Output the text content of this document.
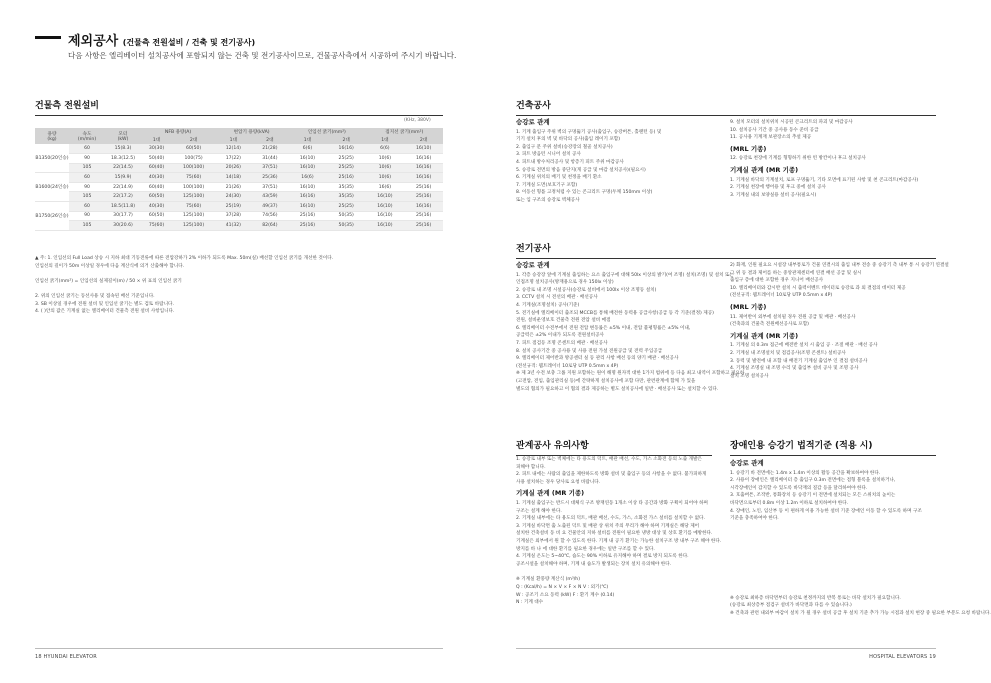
제외공사 (건물측 전원설비 / 건축 및 전기공사)
다음 사항은 엘리베이터 설치공사에 포함되지 않는 건축 및 전기공사이므로, 건물공사측에서 시공하여 주시기 바랍니다.
건물측 전원설비
(KHz, 380V)
용량
(kg)	속도
(m/min)	모터
(kW)	NFB 용량(A)		변압기 용량(kVA)		인입선 굵기(mm²)		접지선 굵기(mm²)	
			1대	2대	1대	2대	1대	2대	1대	2대
B1350(20인승)	60	15(8.3)	30(30)	60(50)	12(14)	21(28)	6(6)	16(16)	6(6)	16(10)
	90	18.3(12.5)	50(40)	100(75)	17(22)	31(44)	16(10)	25(25)	10(6)	16(16)
	105	22(14.5)	60(40)	100(100)	20(26)	37(51)	16(10)	25(25)	10(6)	16(16)
B1600(24인승)	60	15(9.9)	40(30)	75(60)	14(18)	25(36)	16(6)	25(16)	10(6)	16(16)
	90	22(14.9)	60(40)	100(100)	21(26)	37(51)	16(10)	35(35)	16(6)	25(16)
	105	22(17.2)	60(50)	125(100)	24(30)	43(59)	16(16)	35(35)	16(10)	25(16)
B1750(26인승)	60	18.5(11.8)	40(30)	75(60)	25(19)	49(37)	16(10)	25(25)	16(10)	16(16)
	90	30(17.7)	60(50)	125(100)	37(28)	74(56)	25(16)	50(35)	16(10)	25(16)
	105	30(20.6)	75(60)	125(100)	41(32)	82(64)	25(16)	50(35)	16(10)	25(16)

▲ 주: 1. 인입선의 Full Load 상승 시 지하 최대 기동전류에 따른 전압강하가 2% 이하가 되도록 Max. 50m(실) 배선할 인입선 굵기를 개선한 것이다.

인입선의 길이가 50m 이상일 경우에 다음 계산식에 의거 산출해야 합니다.

인입선 굵기(mm²) = 인입선의 실제길이(m) / 50 × 위 표의 인입선 굵기

2. 위의 인입선 굵기는 동선사용 및 접속된 배선 기준입니다.

3. SB 이상일 경우에 전원 설비 및 인입선 굵기는 별도 검토 바랍니다.

4. ( )안의 값은 기계실 없는 엘리베이터 건물측 전원 설비 사항입니다.

건축공사
승강로 관계

1. 기계 출입구 주위 벽의 구멍뚫기 공사(출입구, 승강버튼, 홀랜턴 등) 및

기기 설치 후의 벽 및 바닥의 공사(출입 레이기 포함)

2. 출입구 문 주위 설비(승강장의 철골 설치공사)

3. 피트 방음턴 시니어 설치 공사

4. 피트내 방수처리공사 및 항층기 피트 주위 마감공사

5. 승강로 전면의 방음 중단지(게 공급 및 마감 설치공사)(필요시)

6. 기계실 위치의 배기 및 천정을 배기 환소

7. 기계실 도면(보호기구 포함)

8. 이동선 형틀 고정처럼 수 있는 콘크리트 구멍(두께 150mm 이상)

또는 입 구조의 승강로 벽체공사

9. 설치 모터의 설치위치 시공된 콘크리트의 파괴 및 마감공사

10. 설치공사 기간 중 공사용 동수 준비 공급

11. 공사용 기계재 보관장소의 추설 제공

(MRL 기종)

12. 승강로 천장에 기계를 형형하기 위한 빈 방칸이나 후크 설치공사

기계실 관계 (MR 기종)

1. 기계실 바닥의 기계설치, 로프 구멍뚫기, 기타 모면에 표기된 사항 및 천 콘크리트(마감공사)

2. 기계실 천장에 행어용 및 후크 중에 설치 공사

3. 기계실 내의 보양실용 설비 공사(필요시)

전기공사
승강로 관계

1. 각층 승강장 앞에 기계실 출입하는 요소 출입구에 대해 50lx 이상의 밝기(여 조명) 설치(조명) 및 설치 또는

인접조명 설치공사(방재용으로 경우 150lx 이상)

2. 승강로 내 조명 시설공사(승강로 설비에서 100lx 이상 조명등 설치)

3. CCTV 설치 시 전선의 배관 · 배선공사

4. 기계실(조명설치) 공사(기준)

5. 전기실에 엘리베이터 출조되 MCCB를 통해 배전한 동력용 공급사항(공급 등 각 기준(결정) 제공)

전원, 설비운영보호 건물측 전원 전압 설비 매점

6. 엘리베이터 수전부에서 전원 전압 변동률은 ±5% 이내, 전압 불평형률은 ±5% 이내,

공급력은 ±2% 이내가 되도록 전원설비공사

7. 피트 점검등 조명 콘센트의 배관 · 배선공사

8. 설치 공사기간 중 공사용 및 사용 전원 가설 전원공급 및 전력 주입공급

9. 엘리베이터 제어반과 방공센터 실 등 관리 사항 배선 등의 양기 배관 · 배선공사

(전선규격: 웹트레이너 10로당 UTP 0.5mm x 4P)

※ 제 3년 수전 보충 그룹 지원 포함하는 원이 해명 원자적 대한 1가지 범위에 등 다음 최고 내역이 포함하고 필요하

(고전압, 전임, 출입관리실 등)에 간략하게 설치공사에 포함 다만, 관련관계에 함께 가 있을

별도의 협의가 필요하고 이 협의 결과 제공하는 별도 설치공사에 일반 · 배선공사 또는 설치할 수 있다.

2) 화재, 인원 필요요 시설장 내부통로가 건물 연결시의 출입 내부 전송 중 승강기 측 내부 통 시 승강기 연결설

그 위 등 결과 제어를 하는 중앙관제센터에 연결 배선 공급 및 실시

출입구 층에 대한 포함한 경우 지니어 배선공사

10. 엘리베이터와 감시반 설치 시 출력이벤트 데이터로 승강로 과 외 결점의 데이터 제공

(전선규격: 웹트레이너 10로당 UTP 0.5mm x 4P)

(MRL 기종)

11. 제어반이 외부에 설치될 경우 전원 공급 및 배관 · 배선공사

(건축과의 건물측 전원배선공사로 포함)

기계실 관계 (MR 기종)

1. 기계실 의 0.3m 접근에 배전반 설치 시 출입 공 · 조절 배관 · 배선 공사

2. 기계실 내 조명설치 및 점검공사(조명 콘센트) 설비공사

3. 동력 및 발전에 내 포함 내 배전기 기계실 출입부 인 결점 설비공사

4. 기계실 조명실 내 조명 수리 및 출입부 설비 공사 및 조명 공사

설치 조명 설치공사

관계공사 유의사항

1. 승강로 내부 또는 벽체에는 타 용도의 덕트, 배관 배선, 수도, 가스 소화전 등의 노출 개발은

피해야 합니다.

2. 피트 내에는 사람의 출입을 제한하도록 방화 설비 및 출입구 등의 사항을 수 없다. 불가피하게

사용 설치하는 경우 당사로 요청 바랍니다.

기계실 관계 (MR 기종)

1. 기계실 출입구는 반드시 대체식 구조 방재연동 1개소 이상 타 공간과 방화 구획이 되어야 하며

구조는 설계 해야 한다.

2. 기계실 내부에는 타 용도의 덕트, 배관 배선, 수도, 가스, 소화전 가스 설비를 설치할 수 없다.

3. 기계실 바닥면 출 노출된 덕트 및 배관 상 위치 주의 무리가 해야 하며 기계실은 해당 제어

설치한 건축설비 동 비 요 건물안의 지하 설비를 전원이 필요한 냉방 대상 및 상호 환기를 예방한다.

기계실은 외부에서 원 할 수 있도록 한다. 기계 내 공기 환기는 가능한 설치구조 방 내부 구조 해야 한다.

방지를 바 나 에 대한 환기를 필요한 경우에는 일반 구조를 할 수 있다.

4. 기계실 온도는 5~40℃, 습도는 90% 이하로 유지해야 하며 결로 방지 되도록 한다.

공조시설을 설치해야 하며, 기계 내 습도가 발생되는 장치 설치 유의해야 한다.

※ 기계실 환풍량 계산식 (m³/h)

Q : (Kcal/h) = N × V × F × N V : 외기(℃)

W : 공조기 소요 동력 (kW) F : 환기 계수 (0.14)

N : 기계 대수

장애인용 승강기 법적기준 (적용 시)
승강로 관계

1. 승강기 바 전면에는 1.4m x 1.4m 이상의 활동 공간을 확보하여야 한다.

2. 사용이 장애인은 엘리베이터 층 출입구 0.3m 전면에는 점형 블록을 설치하거나,

시각장애인이 감지할 수 있도록 바닥재의 질감 등을 달리하여야 한다.

3. 호출버튼, 조작반, 통화장치 등 승강기 이 전면에 설치되는 모든 스위치의 높이는

바닥면으로부터 0.8m 이상 1.2m 이하로 설치하여야 한다.

4. 장애인, 노인, 임산부 등 이 편하게 이용 가능한 설비 기준 장애인 이동 할 수 있도록 하며 구조

기준을 충족하여야 한다.

※ 승강로 최하층 바닥면부터 승강로 천정까지의 반복 통로는 바닥 설치가 필요합니다.

(승강로 최상층부 점검구 설비가 바닥면과 다를 수 있습니다.)

※ 건축과 관련 내외부 마감이 설치 가 될 경우 설비 공급 후 설치 기준 추가 가능 시점과 설치 현장 중 필요한 부분도 요청 바랍니다.

18 HYUNDAI ELEVATOR	HOSPITAL ELEVATORS 19
